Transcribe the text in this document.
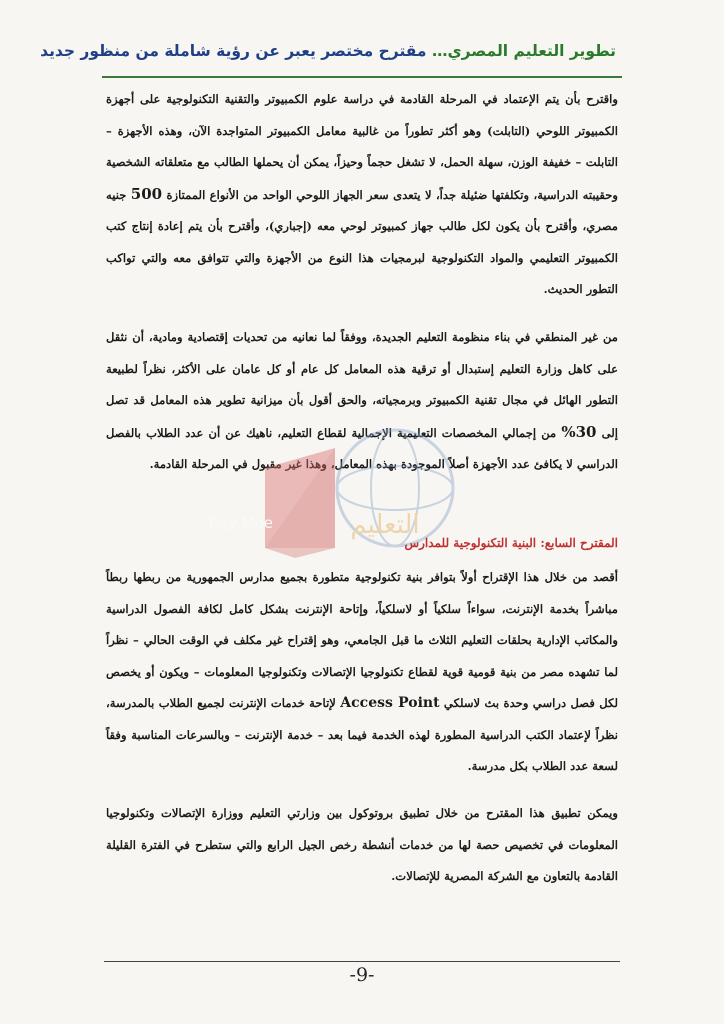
تطوير التعليم المصري… مقترح مختصر يعبر عن رؤية شاملة من منظور جديد
واقترح بأن يتم الإعتماد في المرحلة القادمة في دراسة علوم الكمبيوتر والتقنية التكنولوجية على أجهزة الكمبيوتر اللوحي (التابلت) وهو أكثر تطوراً من غالبية معامل الكمبيوتر المتواجدة الآن، وهذه الأجهزة – التابلت – خفيفة الوزن، سهلة الحمل، لا تشغل حجماً وحيزاً، يمكن أن يحملها الطالب مع متعلقاته الشخصية وحقيبته الدراسية، وتكلفتها ضئيلة جداً، لا يتعدى سعر الجهاز اللوحي الواحد من الأنواع الممتازة 500 جنيه مصري، وأقترح بأن يكون لكل طالب جهاز كمبيوتر لوحي معه (إجباري)، وأقترح بأن يتم إعادة إنتاج كتب الكمبيوتر التعليمي والمواد التكنولوجية لبرمجيات هذا النوع من الأجهزة والتي تتوافق معه والتي تواكب التطور الحديث.
من غير المنطقي في بناء منظومة التعليم الجديدة، ووفقاً لما نعانيه من تحديات إقتصادية ومادية، أن نثقل على كاهل وزارة التعليم إستبدال أو ترقية هذه المعامل كل عام أو كل عامان على الأكثر، نظراً لطبيعة التطور الهائل في مجال تقنية الكمبيوتر وبرمجياته، والحق أقول بأن ميزانية تطوير هذه المعامل قد تصل إلى 30% من إجمالي المخصصات التعليمية الإجمالية لقطاع التعليم، ناهيك عن أن عدد الطلاب بالفصل الدراسي لا يكافئ عدد الأجهزة أصلاً الموجودة بهذه المعامل، وهذا غير مقبول في المرحلة القادمة.
Egy Moe	التعليم
المقترح السابع: البنية التكنولوجية للمدارس
أقصد من خلال هذا الإقتراح أولاً بتوافر بنية تكنولوجية متطورة بجميع مدارس الجمهورية من ربطها ربطاً مباشراً بخدمة الإنترنت، سواءاً سلكياً أو لاسلكياً، وإتاحة الإنترنت بشكل كامل لكافة الفصول الدراسية والمكاتب الإدارية بحلقات التعليم الثلاث ما قبل الجامعي، وهو إقتراح غير مكلف في الوقت الحالي – نظراً لما تشهده مصر من بنية قومية قوية لقطاع تكنولوجيا الإتصالات وتكنولوجيا المعلومات – ويكون أو يخصص لكل فصل دراسي وحدة بث لاسلكي Access Point لإتاحة خدمات الإنترنت لجميع الطلاب بالمدرسة، نظراً لإعتماد الكتب الدراسية المطورة لهذه الخدمة فيما بعد – خدمة الإنترنت – وبالسرعات المناسبة وفقاً لسعة عدد الطلاب بكل مدرسة.
ويمكن تطبيق هذا المقترح من خلال تطبيق بروتوكول بين وزارتي التعليم ووزارة الإتصالات وتكنولوجيا المعلومات في تخصيص حصة لها من خدمات أنشطة رخص الجيل الرابع والتي ستطرح في الفترة القليلة القادمة بالتعاون مع الشركة المصرية للإتصالات.
-9-
